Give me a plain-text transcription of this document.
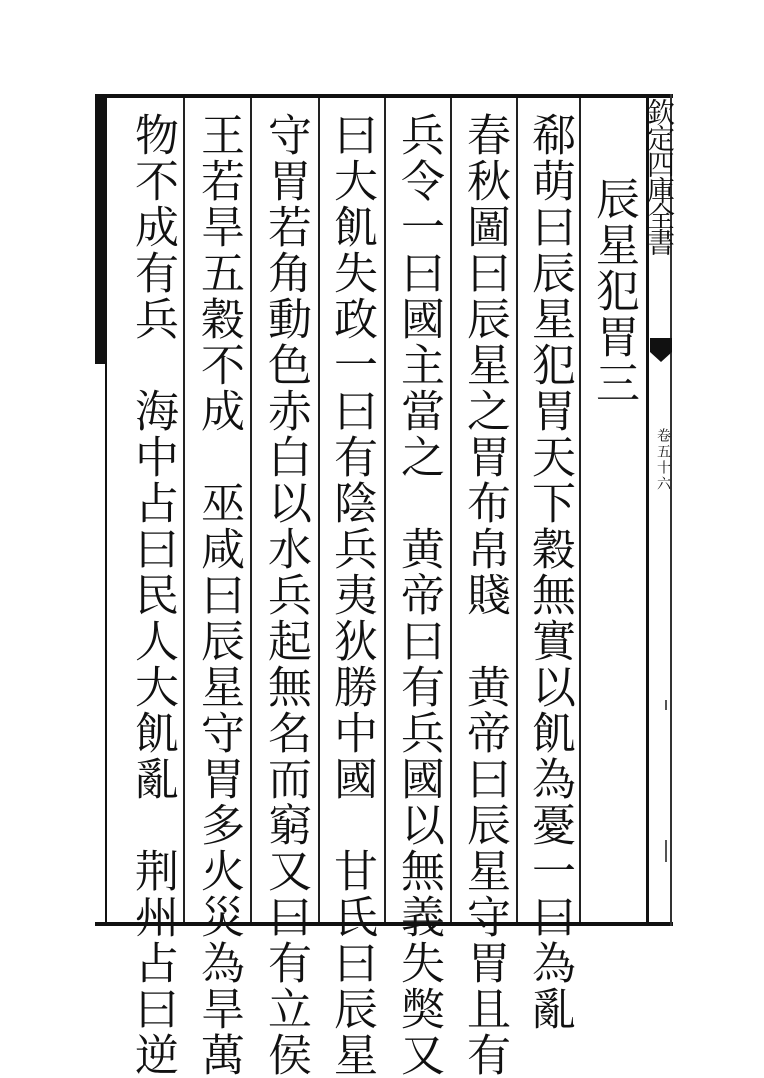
欽定四庫全書
卷五十六
辰星犯胃三
郗萌曰辰星犯胃天下穀無實以飢為憂一曰為亂
春秋圖曰辰星之胃布帛賤　黄帝曰辰星守胃且有
兵令一曰國主當之　黄帝曰有兵國以無義失獘又
曰大飢失政一曰有陰兵夷狄勝中國　甘氏曰辰星
守胃若角動色赤白以水兵起無名而窮又曰有立侯
王若旱五穀不成　巫咸曰辰星守胃多火災為旱萬
物不成有兵　海中占曰民人大飢亂　荆州占曰逆
